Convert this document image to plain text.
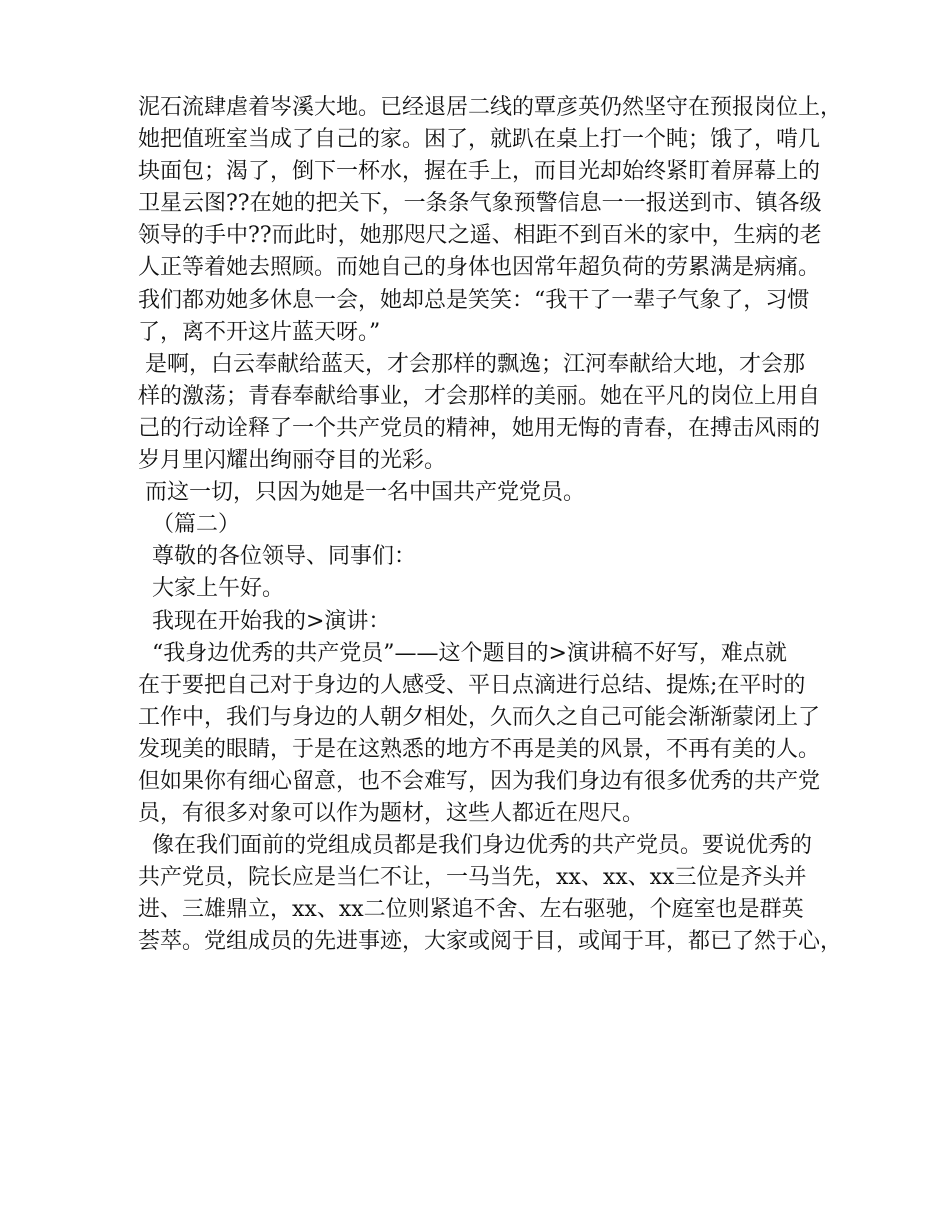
泥石流肆虐着岑溪大地。已经退居二线的覃彦英仍然坚守在预报岗位上，
她把值班室当成了自己的家。困了，就趴在桌上打一个盹；饿了，啃几
块面包；渴了，倒下一杯水，握在手上，而目光却始终紧盯着屏幕上的
卫星云图??在她的把关下，一条条气象预警信息一一报送到市、镇各级
领导的手中??而此时，她那咫尺之遥、相距不到百米的家中，生病的老
人正等着她去照顾。而她自己的身体也因常年超负荷的劳累满是病痛。
我们都劝她多休息一会，她却总是笑笑：“我干了一辈子气象了，习惯
了，离不开这片蓝天呀。”
是啊，白云奉献给蓝天，才会那样的飘逸；江河奉献给大地，才会那
样的激荡；青春奉献给事业，才会那样的美丽。她在平凡的岗位上用自
己的行动诠释了一个共产党员的精神，她用无悔的青春，在搏击风雨的
岁月里闪耀出绚丽夺目的光彩。
而这一切，只因为她是一名中国共产党党员。
（篇二）
尊敬的各位领导、同事们：
大家上午好。
我现在开始我的>演讲：
“我身边优秀的共产党员”——这个题目的>演讲稿不好写，难点就
在于要把自己对于身边的人感受、平日点滴进行总结、提炼;在平时的
工作中，我们与身边的人朝夕相处，久而久之自己可能会渐渐蒙闭上了
发现美的眼睛，于是在这熟悉的地方不再是美的风景，不再有美的人。
但如果你有细心留意，也不会难写，因为我们身边有很多优秀的共产党
员，有很多对象可以作为题材，这些人都近在咫尺。
像在我们面前的党组成员都是我们身边优秀的共产党员。要说优秀的
共产党员，院长应是当仁不让，一马当先，xx、xx、xx三位是齐头并
进、三雄鼎立，xx、xx二位则紧追不舍、左右驱驰，个庭室也是群英
荟萃。党组成员的先进事迹，大家或阅于目，或闻于耳，都已了然于心，
